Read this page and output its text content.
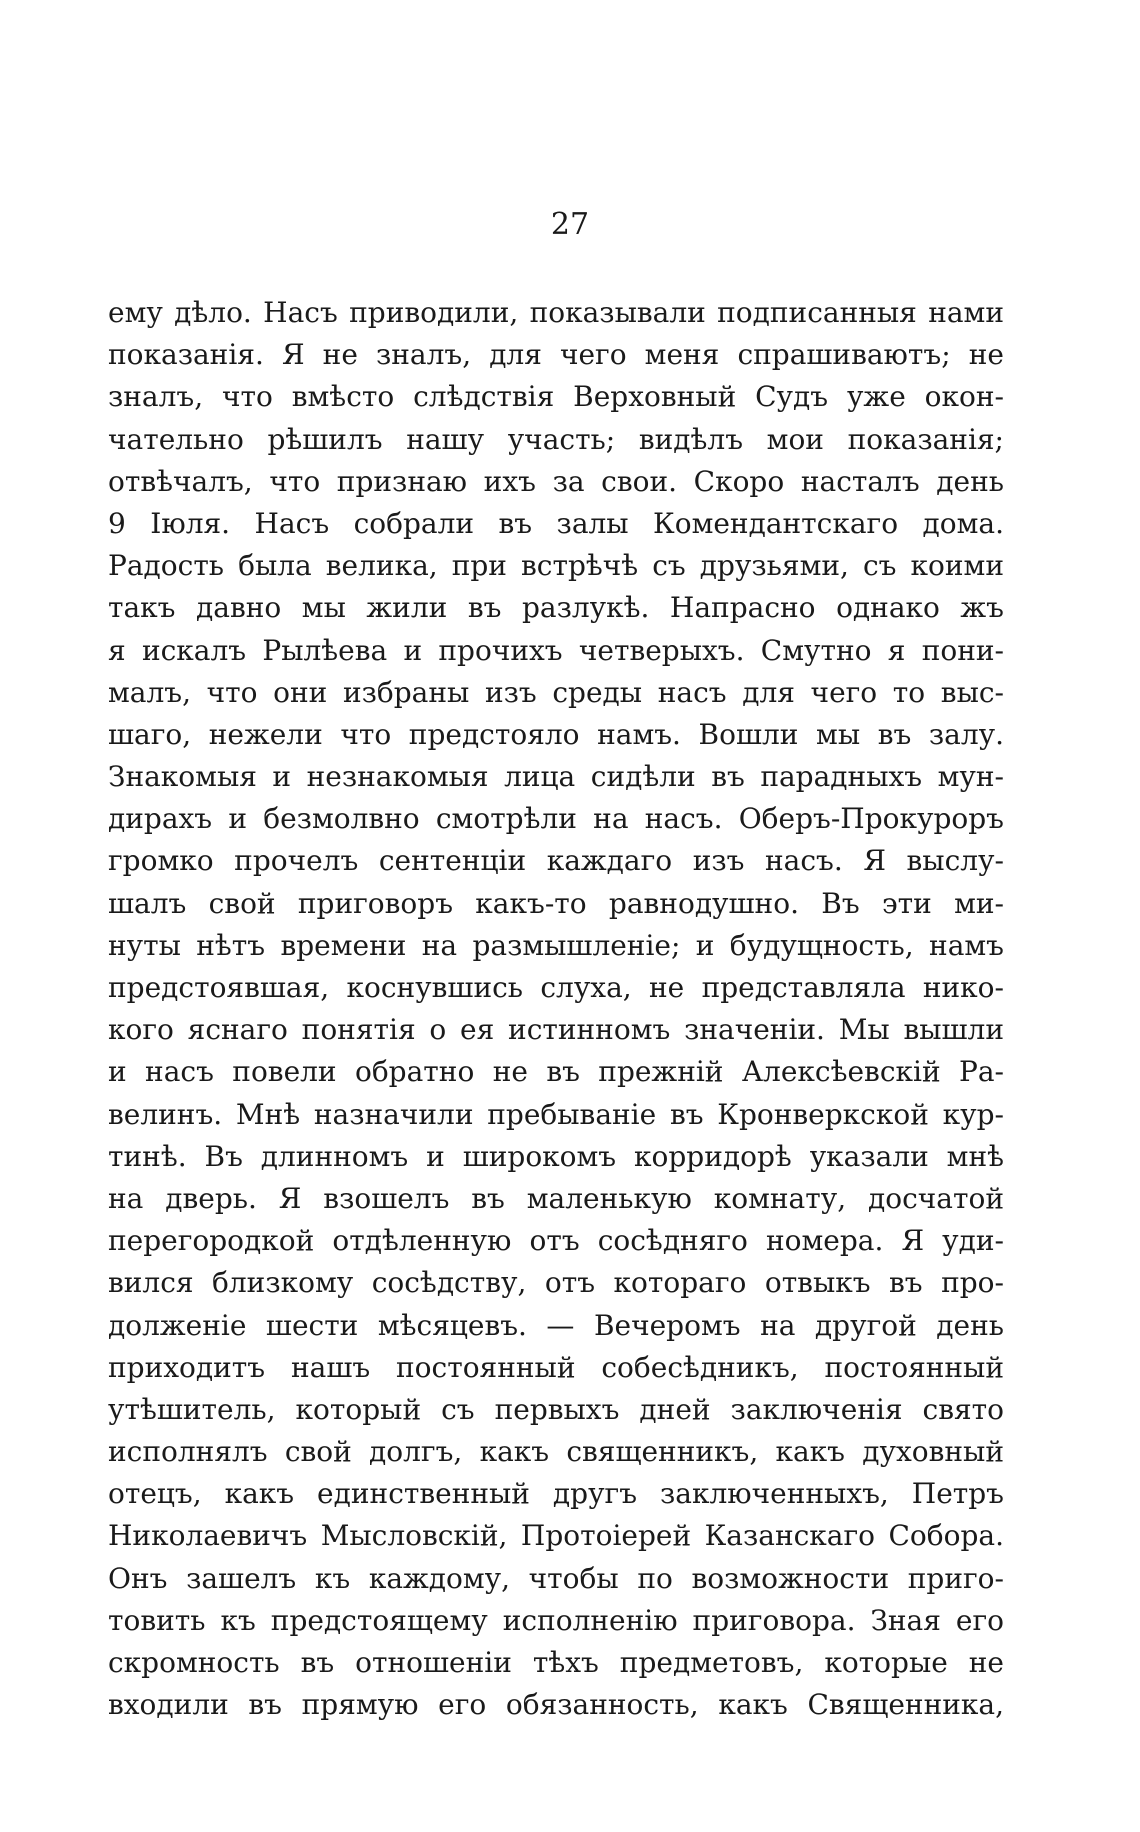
27
ему дѣло. Насъ приводили, показывали подписанныя нами
показанія. Я не зналъ, для чего меня спрашиваютъ; не
зналъ, что вмѣсто слѣдствія Верховный Судъ уже окон-
чательно рѣшилъ нашу участь; видѣлъ мои показанія;
отвѣчалъ, что признаю ихъ за свои. Скоро насталъ день
9 Іюля. Насъ собрали въ залы Комендантскаго дома.
Радость была велика, при встрѣчѣ съ друзьями, съ коими
такъ давно мы жили въ разлукѣ. Напрасно однако жъ
я искалъ Рылѣева и прочихъ четверыхъ. Смутно я пони-
малъ, что они избраны изъ среды насъ для чего то выс-
шаго, нежели что предстояло намъ. Вошли мы въ залу.
Знакомыя и незнакомыя лица сидѣли въ парадныхъ мун-
дирахъ и безмолвно смотрѣли на насъ. Оберъ-Прокуроръ
громко прочелъ сентенціи каждаго изъ насъ. Я выслу-
шалъ свой приговоръ какъ-то равнодушно. Въ эти ми-
нуты нѣтъ времени на размышленіе; и будущность, намъ
предстоявшая, коснувшись слуха, не представляла нико-
кого яснаго понятія о ея истинномъ значеніи. Мы вышли
и насъ повели обратно не въ прежній Алексѣевскій Ра-
велинъ. Мнѣ назначили пребываніе въ Кронверкской кур-
тинѣ. Въ длинномъ и широкомъ корридорѣ указали мнѣ
на дверь. Я взошелъ въ маленькую комнату, досчатой
перегородкой отдѣленную отъ сосѣдняго номера. Я уди-
вился близкому сосѣдству, отъ котораго отвыкъ въ про-
долженіе шести мѣсяцевъ. — Вечеромъ на другой день
приходитъ нашъ постоянный собесѣдникъ, постоянный
утѣшитель, который съ первыхъ дней заключенія свято
исполнялъ свой долгъ, какъ священникъ, какъ духовный
отецъ, какъ единственный другъ заключенныхъ, Петръ
Николаевичъ Мысловскій, Протоіерей Казанскаго Собора.
Онъ зашелъ къ каждому, чтобы по возможности приго-
товить къ предстоящему исполненію приговора. Зная его
скромность въ отношеніи тѣхъ предметовъ, которые не
входили въ прямую его обязанность, какъ Священника,
